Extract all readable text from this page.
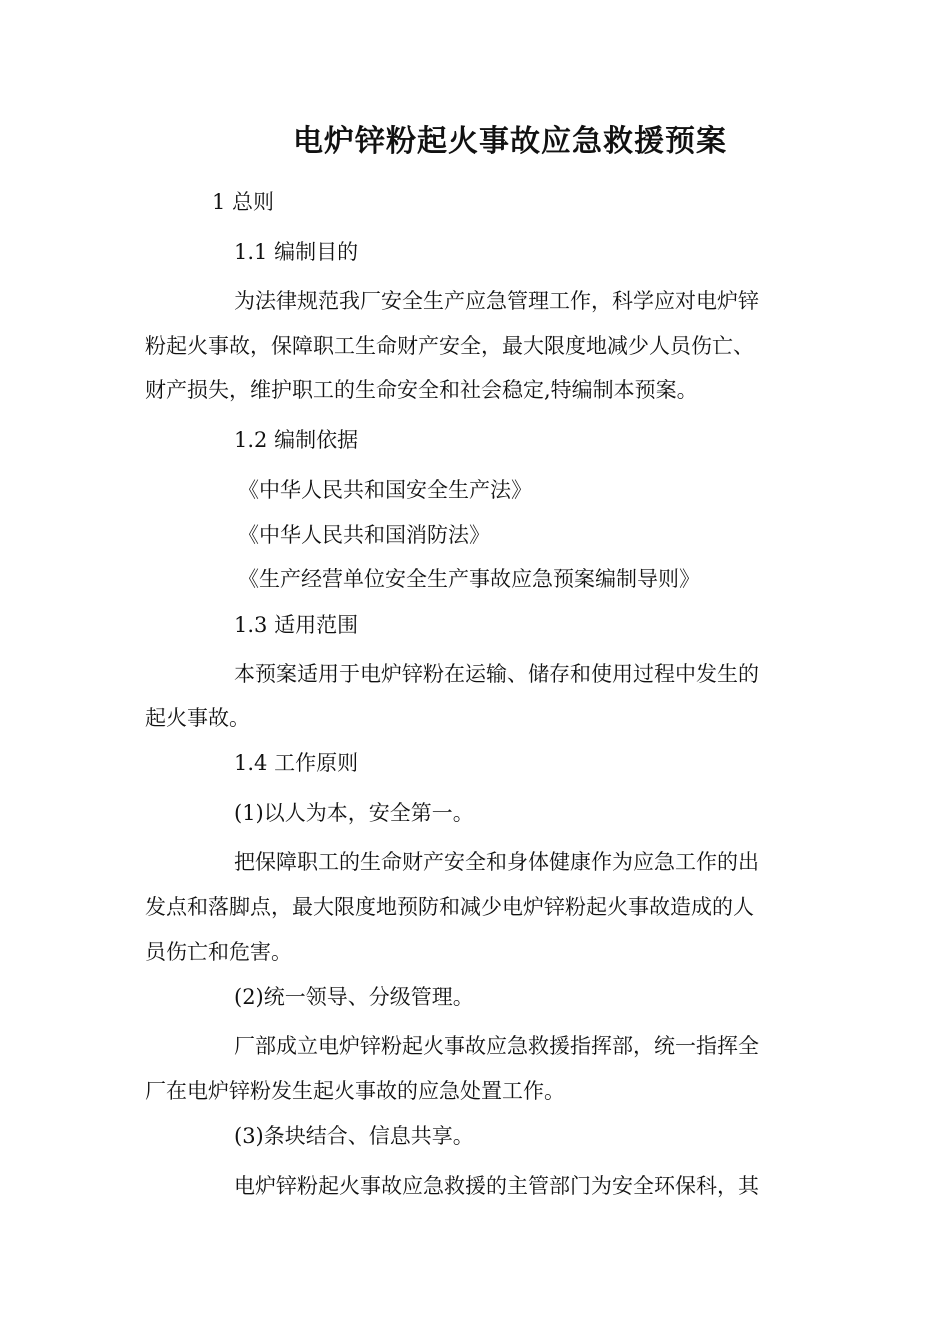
电炉锌粉起火事故应急救援预案
1 总则
1.1 编制目的
为法律规范我厂安全生产应急管理工作，科学应对电炉锌
粉起火事故，保障职工生命财产安全，最大限度地减少人员伤亡、
财产损失，维护职工的生命安全和社会稳定,特编制本预案。
1.2 编制依据
《中华人民共和国安全生产法》
《中华人民共和国消防法》
《生产经营单位安全生产事故应急预案编制导则》
1.3 适用范围
本预案适用于电炉锌粉在运输、储存和使用过程中发生的
起火事故。
1.4 工作原则
(1)以人为本，安全第一。
把保障职工的生命财产安全和身体健康作为应急工作的出
发点和落脚点，最大限度地预防和减少电炉锌粉起火事故造成的人
员伤亡和危害。
(2)统一领导、分级管理。
厂部成立电炉锌粉起火事故应急救援指挥部，统一指挥全
厂在电炉锌粉发生起火事故的应急处置工作。
(3)条块结合、信息共享。
电炉锌粉起火事故应急救援的主管部门为安全环保科，其
